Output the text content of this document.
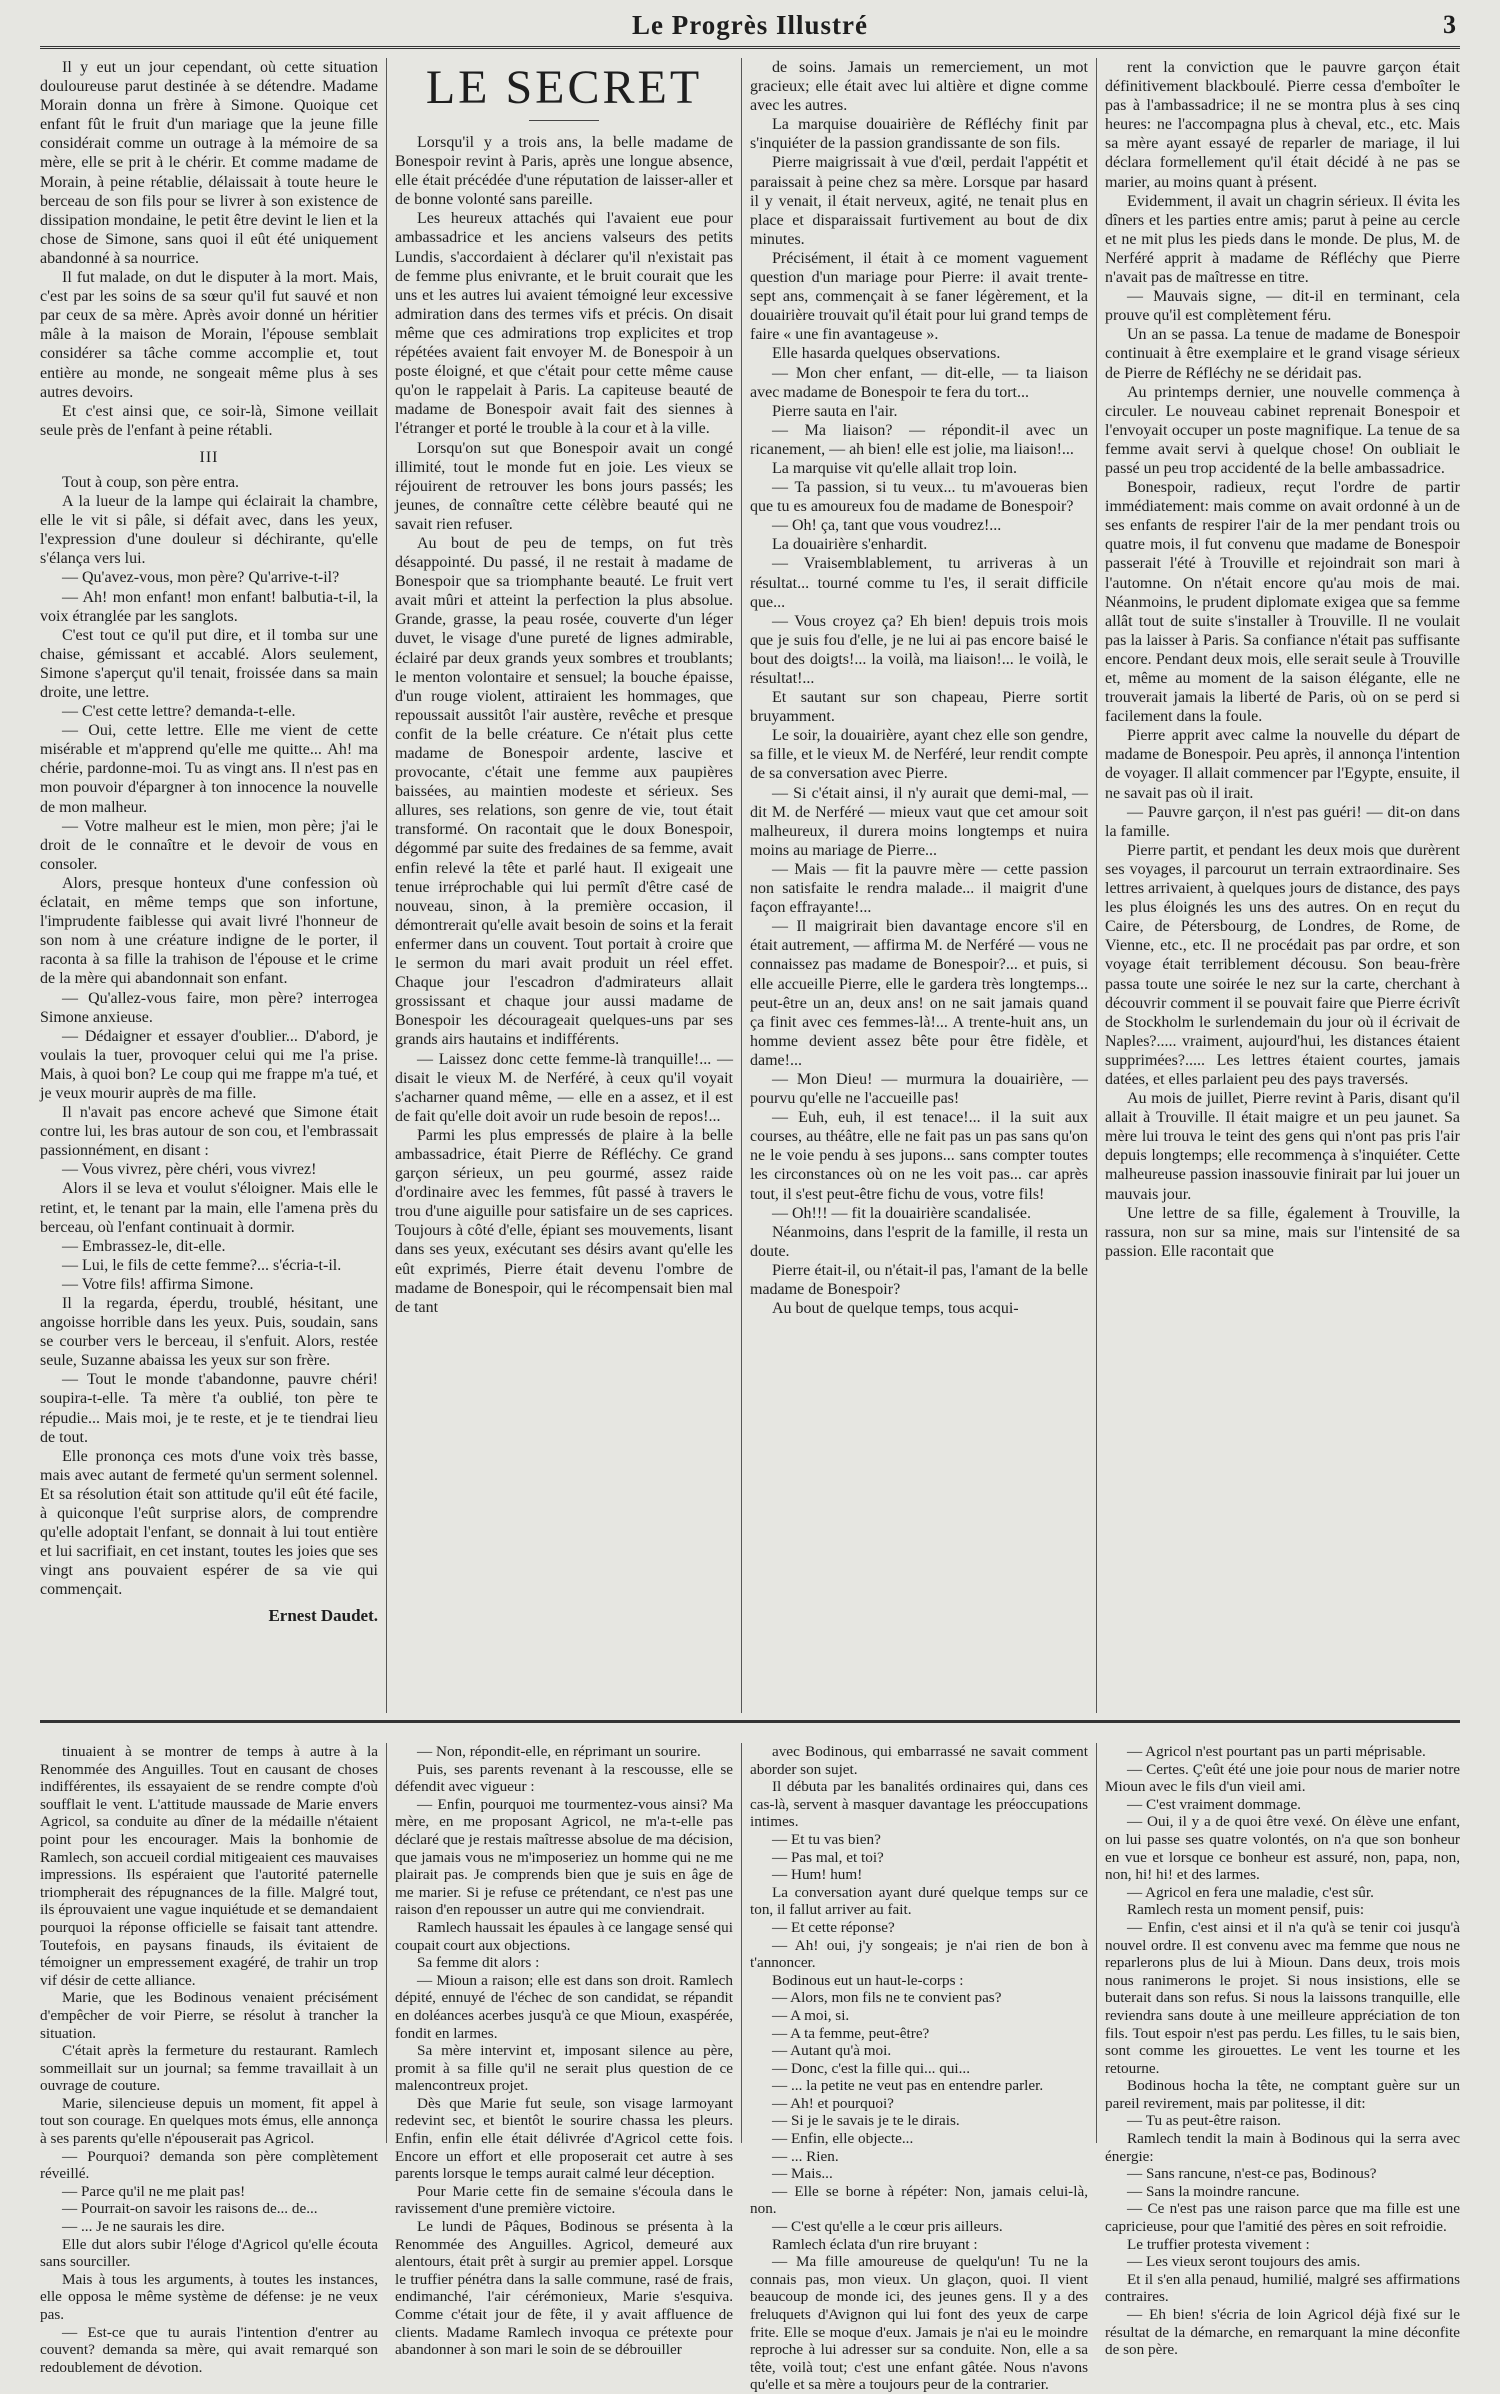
Le Progrès Illustré	3

Il y eut un jour cependant, où cette situation douloureuse parut destinée à se détendre. Madame Morain donna un frère à Simone. Quoique cet enfant fût le fruit d'un mariage que la jeune fille considérait comme un outrage à la mémoire de sa mère, elle se prit à le chérir. Et comme madame de Morain, à peine rétablie, délaissait à toute heure le berceau de son fils pour se livrer à son existence de dissipation mondaine, le petit être devint le lien et la chose de Simone, sans quoi il eût été uniquement abandonné à sa nourrice.

Il fut malade, on dut le disputer à la mort. Mais, c'est par les soins de sa sœur qu'il fut sauvé et non par ceux de sa mère. Après avoir donné un héritier mâle à la maison de Morain, l'épouse semblait considérer sa tâche comme accomplie et, tout entière au monde, ne songeait même plus à ses autres devoirs.

Et c'est ainsi que, ce soir-là, Simone veillait seule près de l'enfant à peine rétabli.

III

Tout à coup, son père entra.

A la lueur de la lampe qui éclairait la chambre, elle le vit si pâle, si défait avec, dans les yeux, l'expression d'une douleur si déchirante, qu'elle s'élança vers lui.

— Qu'avez-vous, mon père? Qu'arrive-t-il?

— Ah! mon enfant! mon enfant! balbutia-t-il, la voix étranglée par les sanglots.

C'est tout ce qu'il put dire, et il tomba sur une chaise, gémissant et accablé. Alors seulement, Simone s'aperçut qu'il tenait, froissée dans sa main droite, une lettre.

— C'est cette lettre? demanda-t-elle.

— Oui, cette lettre. Elle me vient de cette misérable et m'apprend qu'elle me quitte... Ah! ma chérie, pardonne-moi. Tu as vingt ans. Il n'est pas en mon pouvoir d'épargner à ton innocence la nouvelle de mon malheur.

— Votre malheur est le mien, mon père; j'ai le droit de le connaître et le devoir de vous en consoler.

Alors, presque honteux d'une confession où éclatait, en même temps que son infortune, l'imprudente faiblesse qui avait livré l'honneur de son nom à une créature indigne de le porter, il raconta à sa fille la trahison de l'épouse et le crime de la mère qui abandonnait son enfant.

— Qu'allez-vous faire, mon père? interrogea Simone anxieuse.

— Dédaigner et essayer d'oublier... D'abord, je voulais la tuer, provoquer celui qui me l'a prise. Mais, à quoi bon? Le coup qui me frappe m'a tué, et je veux mourir auprès de ma fille.

Il n'avait pas encore achevé que Simone était contre lui, les bras autour de son cou, et l'embrassait passionnément, en disant :

— Vous vivrez, père chéri, vous vivrez!

Alors il se leva et voulut s'éloigner. Mais elle le retint, et, le tenant par la main, elle l'amena près du berceau, où l'enfant continuait à dormir.

— Embrassez-le, dit-elle.

— Lui, le fils de cette femme?... s'écria-t-il.

— Votre fils! affirma Simone.

Il la regarda, éperdu, troublé, hésitant, une angoisse horrible dans les yeux. Puis, soudain, sans se courber vers le berceau, il s'enfuit. Alors, restée seule, Suzanne abaissa les yeux sur son frère.

— Tout le monde t'abandonne, pauvre chéri! soupira-t-elle. Ta mère t'a oublié, ton père te répudie... Mais moi, je te reste, et je te tiendrai lieu de tout.

Elle prononça ces mots d'une voix très basse, mais avec autant de fermeté qu'un serment solennel. Et sa résolution était son attitude qu'il eût été facile, à quiconque l'eût surprise alors, de comprendre qu'elle adoptait l'enfant, se donnait à lui tout entière et lui sacrifiait, en cet instant, toutes les joies que ses vingt ans pouvaient espérer de sa vie qui commençait.

Ernest Daudet.
LE SECRET

Lorsqu'il y a trois ans, la belle madame de Bonespoir revint à Paris, après une longue absence, elle était précédée d'une réputation de laisser-aller et de bonne volonté sans pareille.

Les heureux attachés qui l'avaient eue pour ambassadrice et les anciens valseurs des petits Lundis, s'accordaient à déclarer qu'il n'existait pas de femme plus enivrante, et le bruit courait que les uns et les autres lui avaient témoigné leur excessive admiration dans des termes vifs et précis. On disait même que ces admirations trop explicites et trop répétées avaient fait envoyer M. de Bonespoir à un poste éloigné, et que c'était pour cette même cause qu'on le rappelait à Paris. La capiteuse beauté de madame de Bonespoir avait fait des siennes à l'étranger et porté le trouble à la cour et à la ville.

Lorsqu'on sut que Bonespoir avait un congé illimité, tout le monde fut en joie. Les vieux se réjouirent de retrouver les bons jours passés; les jeunes, de connaître cette célèbre beauté qui ne savait rien refuser.

Au bout de peu de temps, on fut très désappointé. Du passé, il ne restait à madame de Bonespoir que sa triomphante beauté. Le fruit vert avait mûri et atteint la perfection la plus absolue. Grande, grasse, la peau rosée, couverte d'un léger duvet, le visage d'une pureté de lignes admirable, éclairé par deux grands yeux sombres et troublants; le menton volontaire et sensuel; la bouche épaisse, d'un rouge violent, attiraient les hommages, que repoussait aussitôt l'air austère, revêche et presque confit de la belle créature. Ce n'était plus cette madame de Bonespoir ardente, lascive et provocante, c'était une femme aux paupières baissées, au maintien modeste et sérieux. Ses allures, ses relations, son genre de vie, tout était transformé. On racontait que le doux Bonespoir, dégommé par suite des fredaines de sa femme, avait enfin relevé la tête et parlé haut. Il exigeait une tenue irréprochable qui lui permît d'être casé de nouveau, sinon, à la première occasion, il démontrerait qu'elle avait besoin de soins et la ferait enfermer dans un couvent. Tout portait à croire que le sermon du mari avait produit un réel effet. Chaque jour l'escadron d'admirateurs allait grossissant et chaque jour aussi madame de Bonespoir les décourageait quelques-uns par ses grands airs hautains et indifférents.

— Laissez donc cette femme-là tranquille!... — disait le vieux M. de Nerféré, à ceux qu'il voyait s'acharner quand même, — elle en a assez, et il est de fait qu'elle doit avoir un rude besoin de repos!...

Parmi les plus empressés de plaire à la belle ambassadrice, était Pierre de Réfléchy. Ce grand garçon sérieux, un peu gourmé, assez raide d'ordinaire avec les femmes, fût passé à travers le trou d'une aiguille pour satisfaire un de ses caprices. Toujours à côté d'elle, épiant ses mouvements, lisant dans ses yeux, exécutant ses désirs avant qu'elle les eût exprimés, Pierre était devenu l'ombre de madame de Bonespoir, qui le récompensait bien mal de tant

de soins. Jamais un remerciement, un mot gracieux; elle était avec lui altière et digne comme avec les autres.

La marquise douairière de Réfléchy finit par s'inquiéter de la passion grandissante de son fils.

Pierre maigrissait à vue d'œil, perdait l'appétit et paraissait à peine chez sa mère. Lorsque par hasard il y venait, il était nerveux, agité, ne tenait plus en place et disparaissait furtivement au bout de dix minutes.

Précisément, il était à ce moment vaguement question d'un mariage pour Pierre: il avait trente-sept ans, commençait à se faner légèrement, et la douairière trouvait qu'il était pour lui grand temps de faire « une fin avantageuse ».

Elle hasarda quelques observations.

— Mon cher enfant, — dit-elle, — ta liaison avec madame de Bonespoir te fera du tort...

Pierre sauta en l'air.

— Ma liaison? — répondit-il avec un ricanement, — ah bien! elle est jolie, ma liaison!...

La marquise vit qu'elle allait trop loin.

— Ta passion, si tu veux... tu m'avoueras bien que tu es amoureux fou de madame de Bonespoir?

— Oh! ça, tant que vous voudrez!...

La douairière s'enhardit.

— Vraisemblablement, tu arriveras à un résultat... tourné comme tu l'es, il serait difficile que...

— Vous croyez ça? Eh bien! depuis trois mois que je suis fou d'elle, je ne lui ai pas encore baisé le bout des doigts!... la voilà, ma liaison!... le voilà, le résultat!...

Et sautant sur son chapeau, Pierre sortit bruyamment.

Le soir, la douairière, ayant chez elle son gendre, sa fille, et le vieux M. de Nerféré, leur rendit compte de sa conversation avec Pierre.

— Si c'était ainsi, il n'y aurait que demi-mal, — dit M. de Nerféré — mieux vaut que cet amour soit malheureux, il durera moins longtemps et nuira moins au mariage de Pierre...

— Mais — fit la pauvre mère — cette passion non satisfaite le rendra malade... il maigrit d'une façon effrayante!...

— Il maigrirait bien davantage encore s'il en était autrement, — affirma M. de Nerféré — vous ne connaissez pas madame de Bonespoir?... et puis, si elle accueille Pierre, elle le gardera très longtemps... peut-être un an, deux ans! on ne sait jamais quand ça finit avec ces femmes-là!... A trente-huit ans, un homme devient assez bête pour être fidèle, et dame!...

— Mon Dieu! — murmura la douairière, — pourvu qu'elle ne l'accueille pas!

— Euh, euh, il est tenace!... il la suit aux courses, au théâtre, elle ne fait pas un pas sans qu'on ne le voie pendu à ses jupons... sans compter toutes les circonstances où on ne les voit pas... car après tout, il s'est peut-être fichu de vous, votre fils!

— Oh!!! — fit la douairière scandalisée.

Néanmoins, dans l'esprit de la famille, il resta un doute.

Pierre était-il, ou n'était-il pas, l'amant de la belle madame de Bonespoir?

Au bout de quelque temps, tous acqui-

rent la conviction que le pauvre garçon était définitivement blackboulé. Pierre cessa d'emboîter le pas à l'ambassadrice; il ne se montra plus à ses cinq heures: ne l'accompagna plus à cheval, etc., etc. Mais sa mère ayant essayé de reparler de mariage, il lui déclara formellement qu'il était décidé à ne pas se marier, au moins quant à présent.

Evidemment, il avait un chagrin sérieux. Il évita les dîners et les parties entre amis; parut à peine au cercle et ne mit plus les pieds dans le monde. De plus, M. de Nerféré apprit à madame de Réfléchy que Pierre n'avait pas de maîtresse en titre.

— Mauvais signe, — dit-il en terminant, cela prouve qu'il est complètement féru.

Un an se passa. La tenue de madame de Bonespoir continuait à être exemplaire et le grand visage sérieux de Pierre de Réfléchy ne se déridait pas.

Au printemps dernier, une nouvelle commença à circuler. Le nouveau cabinet reprenait Bonespoir et l'envoyait occuper un poste magnifique. La tenue de sa femme avait servi à quelque chose! On oubliait le passé un peu trop accidenté de la belle ambassadrice.

Bonespoir, radieux, reçut l'ordre de partir immédiatement: mais comme on avait ordonné à un de ses enfants de respirer l'air de la mer pendant trois ou quatre mois, il fut convenu que madame de Bonespoir passerait l'été à Trouville et rejoindrait son mari à l'automne. On n'était encore qu'au mois de mai. Néanmoins, le prudent diplomate exigea que sa femme allât tout de suite s'installer à Trouville. Il ne voulait pas la laisser à Paris. Sa confiance n'était pas suffisante encore. Pendant deux mois, elle serait seule à Trouville et, même au moment de la saison élégante, elle ne trouverait jamais la liberté de Paris, où on se perd si facilement dans la foule.

Pierre apprit avec calme la nouvelle du départ de madame de Bonespoir. Peu après, il annonça l'intention de voyager. Il allait commencer par l'Egypte, ensuite, il ne savait pas où il irait.

— Pauvre garçon, il n'est pas guéri! — dit-on dans la famille.

Pierre partit, et pendant les deux mois que durèrent ses voyages, il parcourut un terrain extraordinaire. Ses lettres arrivaient, à quelques jours de distance, des pays les plus éloignés les uns des autres. On en reçut du Caire, de Pétersbourg, de Londres, de Rome, de Vienne, etc., etc. Il ne procédait pas par ordre, et son voyage était terriblement décousu. Son beau-frère passa toute une soirée le nez sur la carte, cherchant à découvrir comment il se pouvait faire que Pierre écrivît de Stockholm le surlendemain du jour où il écrivait de Naples?..... vraiment, aujourd'hui, les distances étaient supprimées?..... Les lettres étaient courtes, jamais datées, et elles parlaient peu des pays traversés.

Au mois de juillet, Pierre revint à Paris, disant qu'il allait à Trouville. Il était maigre et un peu jaunet. Sa mère lui trouva le teint des gens qui n'ont pas pris l'air depuis longtemps; elle recommença à s'inquiéter. Cette malheureuse passion inassouvie finirait par lui jouer un mauvais jour.

Une lettre de sa fille, également à Trouville, la rassura, non sur sa mine, mais sur l'intensité de sa passion. Elle racontait que

tinuaient à se montrer de temps à autre à la Renommée des Anguilles. Tout en causant de choses indifférentes, ils essayaient de se rendre compte d'où soufflait le vent. L'attitude maussade de Marie envers Agricol, sa conduite au dîner de la médaille n'étaient point pour les encourager. Mais la bonhomie de Ramlech, son accueil cordial mitigeaient ces mauvaises impressions. Ils espéraient que l'autorité paternelle triompherait des répugnances de la fille. Malgré tout, ils éprouvaient une vague inquiétude et se demandaient pourquoi la réponse officielle se faisait tant attendre. Toutefois, en paysans finauds, ils évitaient de témoigner un empressement exagéré, de trahir un trop vif désir de cette alliance.

Marie, que les Bodinous venaient précisément d'empêcher de voir Pierre, se résolut à trancher la situation.

C'était après la fermeture du restaurant. Ramlech sommeillait sur un journal; sa femme travaillait à un ouvrage de couture.

Marie, silencieuse depuis un moment, fit appel à tout son courage. En quelques mots émus, elle annonça à ses parents qu'elle n'épouserait pas Agricol.

— Pourquoi? demanda son père complètement réveillé.

— Parce qu'il ne me plait pas!

— Pourrait-on savoir les raisons de... de...

— ... Je ne saurais les dire.

Elle dut alors subir l'éloge d'Agricol qu'elle écouta sans sourciller.

Mais à tous les arguments, à toutes les instances, elle opposa le même système de défense: je ne veux pas.

— Est-ce que tu aurais l'intention d'entrer au couvent? demanda sa mère, qui avait remarqué son redoublement de dévotion.

— Non, répondit-elle, en réprimant un sourire.

Puis, ses parents revenant à la rescousse, elle se défendit avec vigueur :

— Enfin, pourquoi me tourmentez-vous ainsi? Ma mère, en me proposant Agricol, ne m'a-t-elle pas déclaré que je restais maîtresse absolue de ma décision, que jamais vous ne m'imposeriez un homme qui ne me plairait pas. Je comprends bien que je suis en âge de me marier. Si je refuse ce prétendant, ce n'est pas une raison d'en repousser un autre qui me conviendrait.

Ramlech haussait les épaules à ce langage sensé qui coupait court aux objections.

Sa femme dit alors :

— Mioun a raison; elle est dans son droit. Ramlech dépité, ennuyé de l'échec de son candidat, se répandit en doléances acerbes jusqu'à ce que Mioun, exaspérée, fondit en larmes.

Sa mère intervint et, imposant silence au père, promit à sa fille qu'il ne serait plus question de ce malencontreux projet.

Dès que Marie fut seule, son visage larmoyant redevint sec, et bientôt le sourire chassa les pleurs. Enfin, enfin elle était délivrée d'Agricol cette fois. Encore un effort et elle proposerait cet autre à ses parents lorsque le temps aurait calmé leur déception.

Pour Marie cette fin de semaine s'écoula dans le ravissement d'une première victoire.

Le lundi de Pâques, Bodinous se présenta à la Renommée des Anguilles. Agricol, demeuré aux alentours, était prêt à surgir au premier appel. Lorsque le truffier pénétra dans la salle commune, rasé de frais, endimanché, l'air cérémonieux, Marie s'esquiva. Comme c'était jour de fête, il y avait affluence de clients. Madame Ramlech invoqua ce prétexte pour abandonner à son mari le soin de se débrouiller

avec Bodinous, qui embarrassé ne savait comment aborder son sujet.

Il débuta par les banalités ordinaires qui, dans ces cas-là, servent à masquer davantage les préoccupations intimes.

— Et tu vas bien?

— Pas mal, et toi?

— Hum! hum!

La conversation ayant duré quelque temps sur ce ton, il fallut arriver au fait.

— Et cette réponse?

— Ah! oui, j'y songeais; je n'ai rien de bon à t'annoncer.

Bodinous eut un haut-le-corps :

— Alors, mon fils ne te convient pas?

— A moi, si.

— A ta femme, peut-être?

— Autant qu'à moi.

— Donc, c'est la fille qui... qui...

— ... la petite ne veut pas en entendre parler.

— Ah! et pourquoi?

— Si je le savais je te le dirais.

— Enfin, elle objecte...

— ... Rien.

— Mais...

— Elle se borne à répéter: Non, jamais celui-là, non.

— C'est qu'elle a le cœur pris ailleurs.

Ramlech éclata d'un rire bruyant :

— Ma fille amoureuse de quelqu'un! Tu ne la connais pas, mon vieux. Un glaçon, quoi. Il vient beaucoup de monde ici, des jeunes gens. Il y a des freluquets d'Avignon qui lui font des yeux de carpe frite. Elle se moque d'eux. Jamais je n'ai eu le moindre reproche à lui adresser sur sa conduite. Non, elle a sa tête, voilà tout; c'est une enfant gâtée. Nous n'avons qu'elle et sa mère a toujours peur de la contrarier.

— Agricol n'est pourtant pas un parti méprisable.

— Certes. Ç'eût été une joie pour nous de marier notre Mioun avec le fils d'un vieil ami.

— C'est vraiment dommage.

— Oui, il y a de quoi être vexé. On élève une enfant, on lui passe ses quatre volontés, on n'a que son bonheur en vue et lorsque ce bonheur est assuré, non, papa, non, non, hi! hi! et des larmes.

— Agricol en fera une maladie, c'est sûr.

Ramlech resta un moment pensif, puis:

— Enfin, c'est ainsi et il n'a qu'à se tenir coi jusqu'à nouvel ordre. Il est convenu avec ma femme que nous ne reparlerons plus de lui à Mioun. Dans deux, trois mois nous ranimerons le projet. Si nous insistions, elle se buterait dans son refus. Si nous la laissons tranquille, elle reviendra sans doute à une meilleure appréciation de ton fils. Tout espoir n'est pas perdu. Les filles, tu le sais bien, sont comme les girouettes. Le vent les tourne et les retourne.

Bodinous hocha la tête, ne comptant guère sur un pareil revirement, mais par politesse, il dit:

— Tu as peut-être raison.

Ramlech tendit la main à Bodinous qui la serra avec énergie:

— Sans rancune, n'est-ce pas, Bodinous?

— Sans la moindre rancune.

— Ce n'est pas une raison parce que ma fille est une capricieuse, pour que l'amitié des pères en soit refroidie.

Le truffier protesta vivement :

— Les vieux seront toujours des amis.

Et il s'en alla penaud, humilié, malgré ses affirmations contraires.

— Eh bien! s'écria de loin Agricol déjà fixé sur le résultat de la démarche, en remarquant la mine déconfite de son père.
